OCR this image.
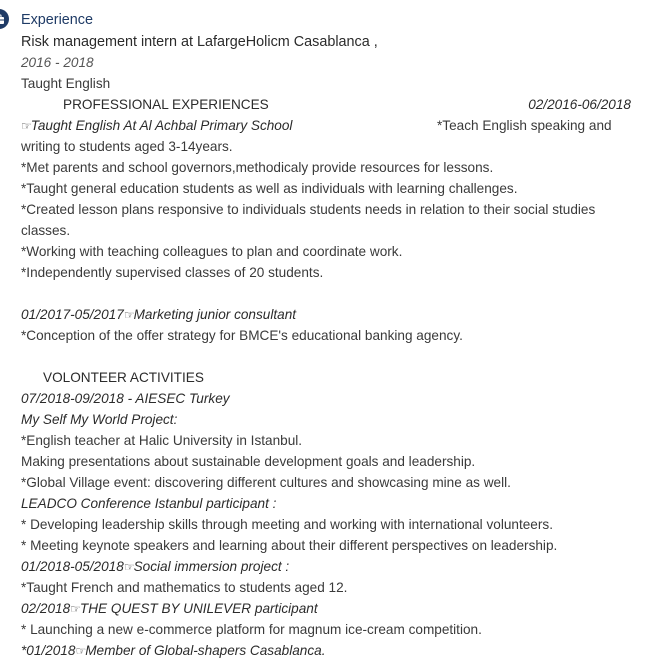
Experience
Risk management intern at LafargeHolicm Casablanca ,
2016 - 2018
Taught English
PROFESSIONAL EXPERIENCES	02/2016-06/2018
☞Taught English At Al Achbal Primary School	*Teach English speaking and
writing to students aged 3-14years.
*Met parents and school governors,methodicaly provide resources for lessons.
*Taught general education students as well as individuals with learning challenges.
*Created lesson plans responsive to individuals students needs in relation to their social studies
classes.
*Working with teaching colleagues to plan and coordinate work.
*Independently supervised classes of 20 students.
01/2017-05/2017☞Marketing junior consultant
*Conception of the offer strategy for BMCE's educational banking agency.
VOLONTEER ACTIVITIES
07/2018-09/2018 - AIESEC Turkey
My Self My World Project:
*English teacher at Halic University in Istanbul.
Making presentations about sustainable development goals and leadership.
*Global Village event: discovering different cultures and showcasing mine as well.
LEADCO Conference Istanbul participant :
* Developing leadership skills through meeting and working with international volunteers.
* Meeting keynote speakers and learning about their different perspectives on leadership.
01/2018-05/2018☞Social immersion project :
*Taught French and mathematics to students aged 12.
02/2018☞THE QUEST BY UNILEVER participant
* Launching a new e-commerce platform for magnum ice-cream competition.
*01/2018☞Member of Global-shapers Casablanca.
